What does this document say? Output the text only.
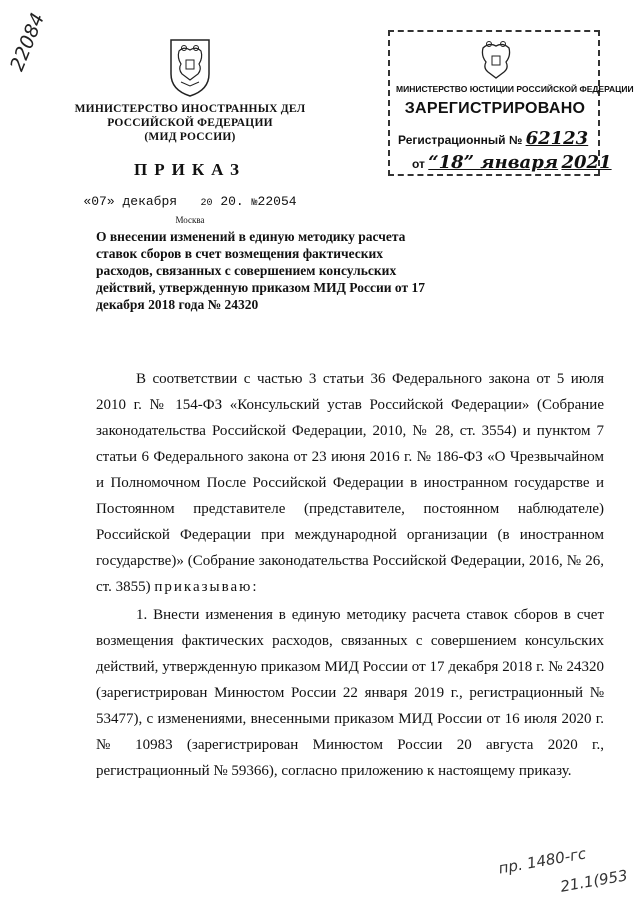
22084
МИНИСТЕРСТВО ИНОСТРАННЫХ ДЕЛ
РОССИЙСКОЙ ФЕДЕРАЦИИ
(МИД РОССИИ)
ПРИКАЗ
«07» декабря 20 20. №22054
Москва
МИНИСТЕРСТВО ЮСТИЦИИ РОССИЙСКОЙ ФЕДЕРАЦИИ
ЗАРЕГИСТРИРОВАНО
Регистрационный № 62123
от “18” января 2021
О внесении изменений в единую методику расчета ставок сборов в счет возмещения фактических расходов, связанных с совершением консульских действий, утвержденную приказом МИД России от 17 декабря 2018 года № 24320

В соответствии с частью 3 статьи 36 Федерального закона от 5 июля 2010 г. № 154-ФЗ «Консульский устав Российской Федерации» (Собрание законодательства Российской Федерации, 2010, № 28, ст. 3554) и пунктом 7 статьи 6 Федерального закона от 23 июня 2016 г. № 186-ФЗ «О Чрезвычайном и Полномочном После Российской Федерации в иностранном государстве и Постоянном представителе (представителе, постоянном наблюдателе) Российской Федерации при международной организации (в иностранном государстве)» (Собрание законодательства Российской Федерации, 2016, № 26, ст. 3855) приказываю:

1. Внести изменения в единую методику расчета ставок сборов в счет возмещения фактических расходов, связанных с совершением консульских действий, утвержденную приказом МИД России от 17 декабря 2018 г. № 24320 (зарегистрирован Минюстом России 22 января 2019 г., регистрационный № 53477), с изменениями, внесенными приказом МИД России от 16 июля 2020 г. № 10983 (зарегистрирован Минюстом России 20 августа 2020 г., регистрационный № 59366), согласно приложению к настоящему приказу.

пр. 1480-гс
21.1(953
